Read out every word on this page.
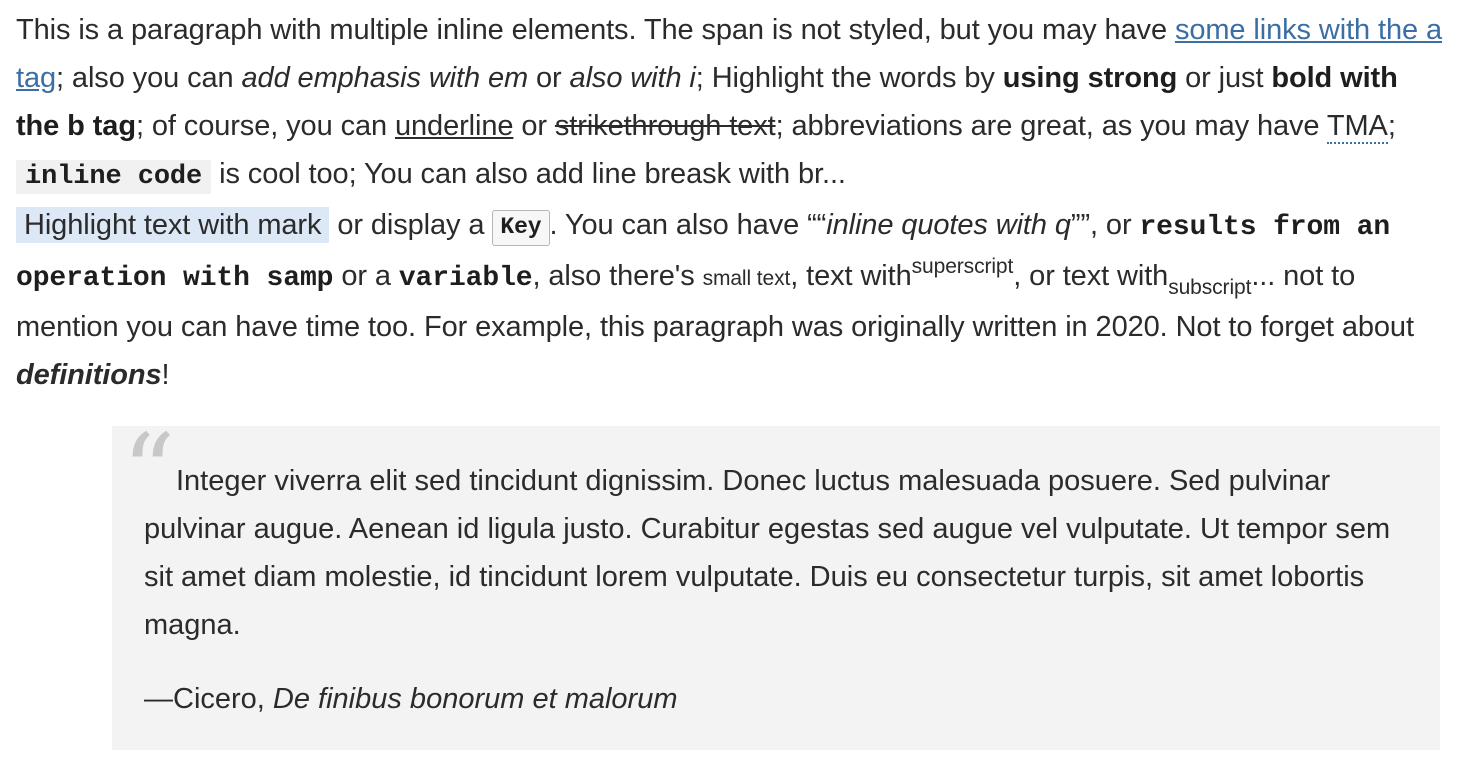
This is a paragraph with multiple inline elements. The span is not styled, but you may have some links with the a tag; also you can add emphasis with em or also with i; Highlight the words by using strong or just bold with the b tag; of course, you can underline or strikethrough text; abbreviations are great, as you may have TMA; inline code is cool too; You can also add line breask with br...
Highlight text with mark or display a Key . You can also have “inline quotes with q” , or results from an operation with samp or a variable, also there's small text, text with$^{superscript}$, or text with$_{subscript}$... not to mention you can have time too. For example, this paragraph was originally written in 2020. Not to forget about definitions!

“ Integer viverra elit sed tincidunt dignissim. Donec luctus malesuada posuere. Sed pulvinar pulvinar augue. Aenean id ligula justo. Curabitur egestas sed augue vel vulputate. Ut tempor sem sit amet diam molestie, id tincidunt lorem vulputate. Duis eu consectetur turpis, sit amet lobortis magna.

—Cicero, De finibus bonorum et malorum
